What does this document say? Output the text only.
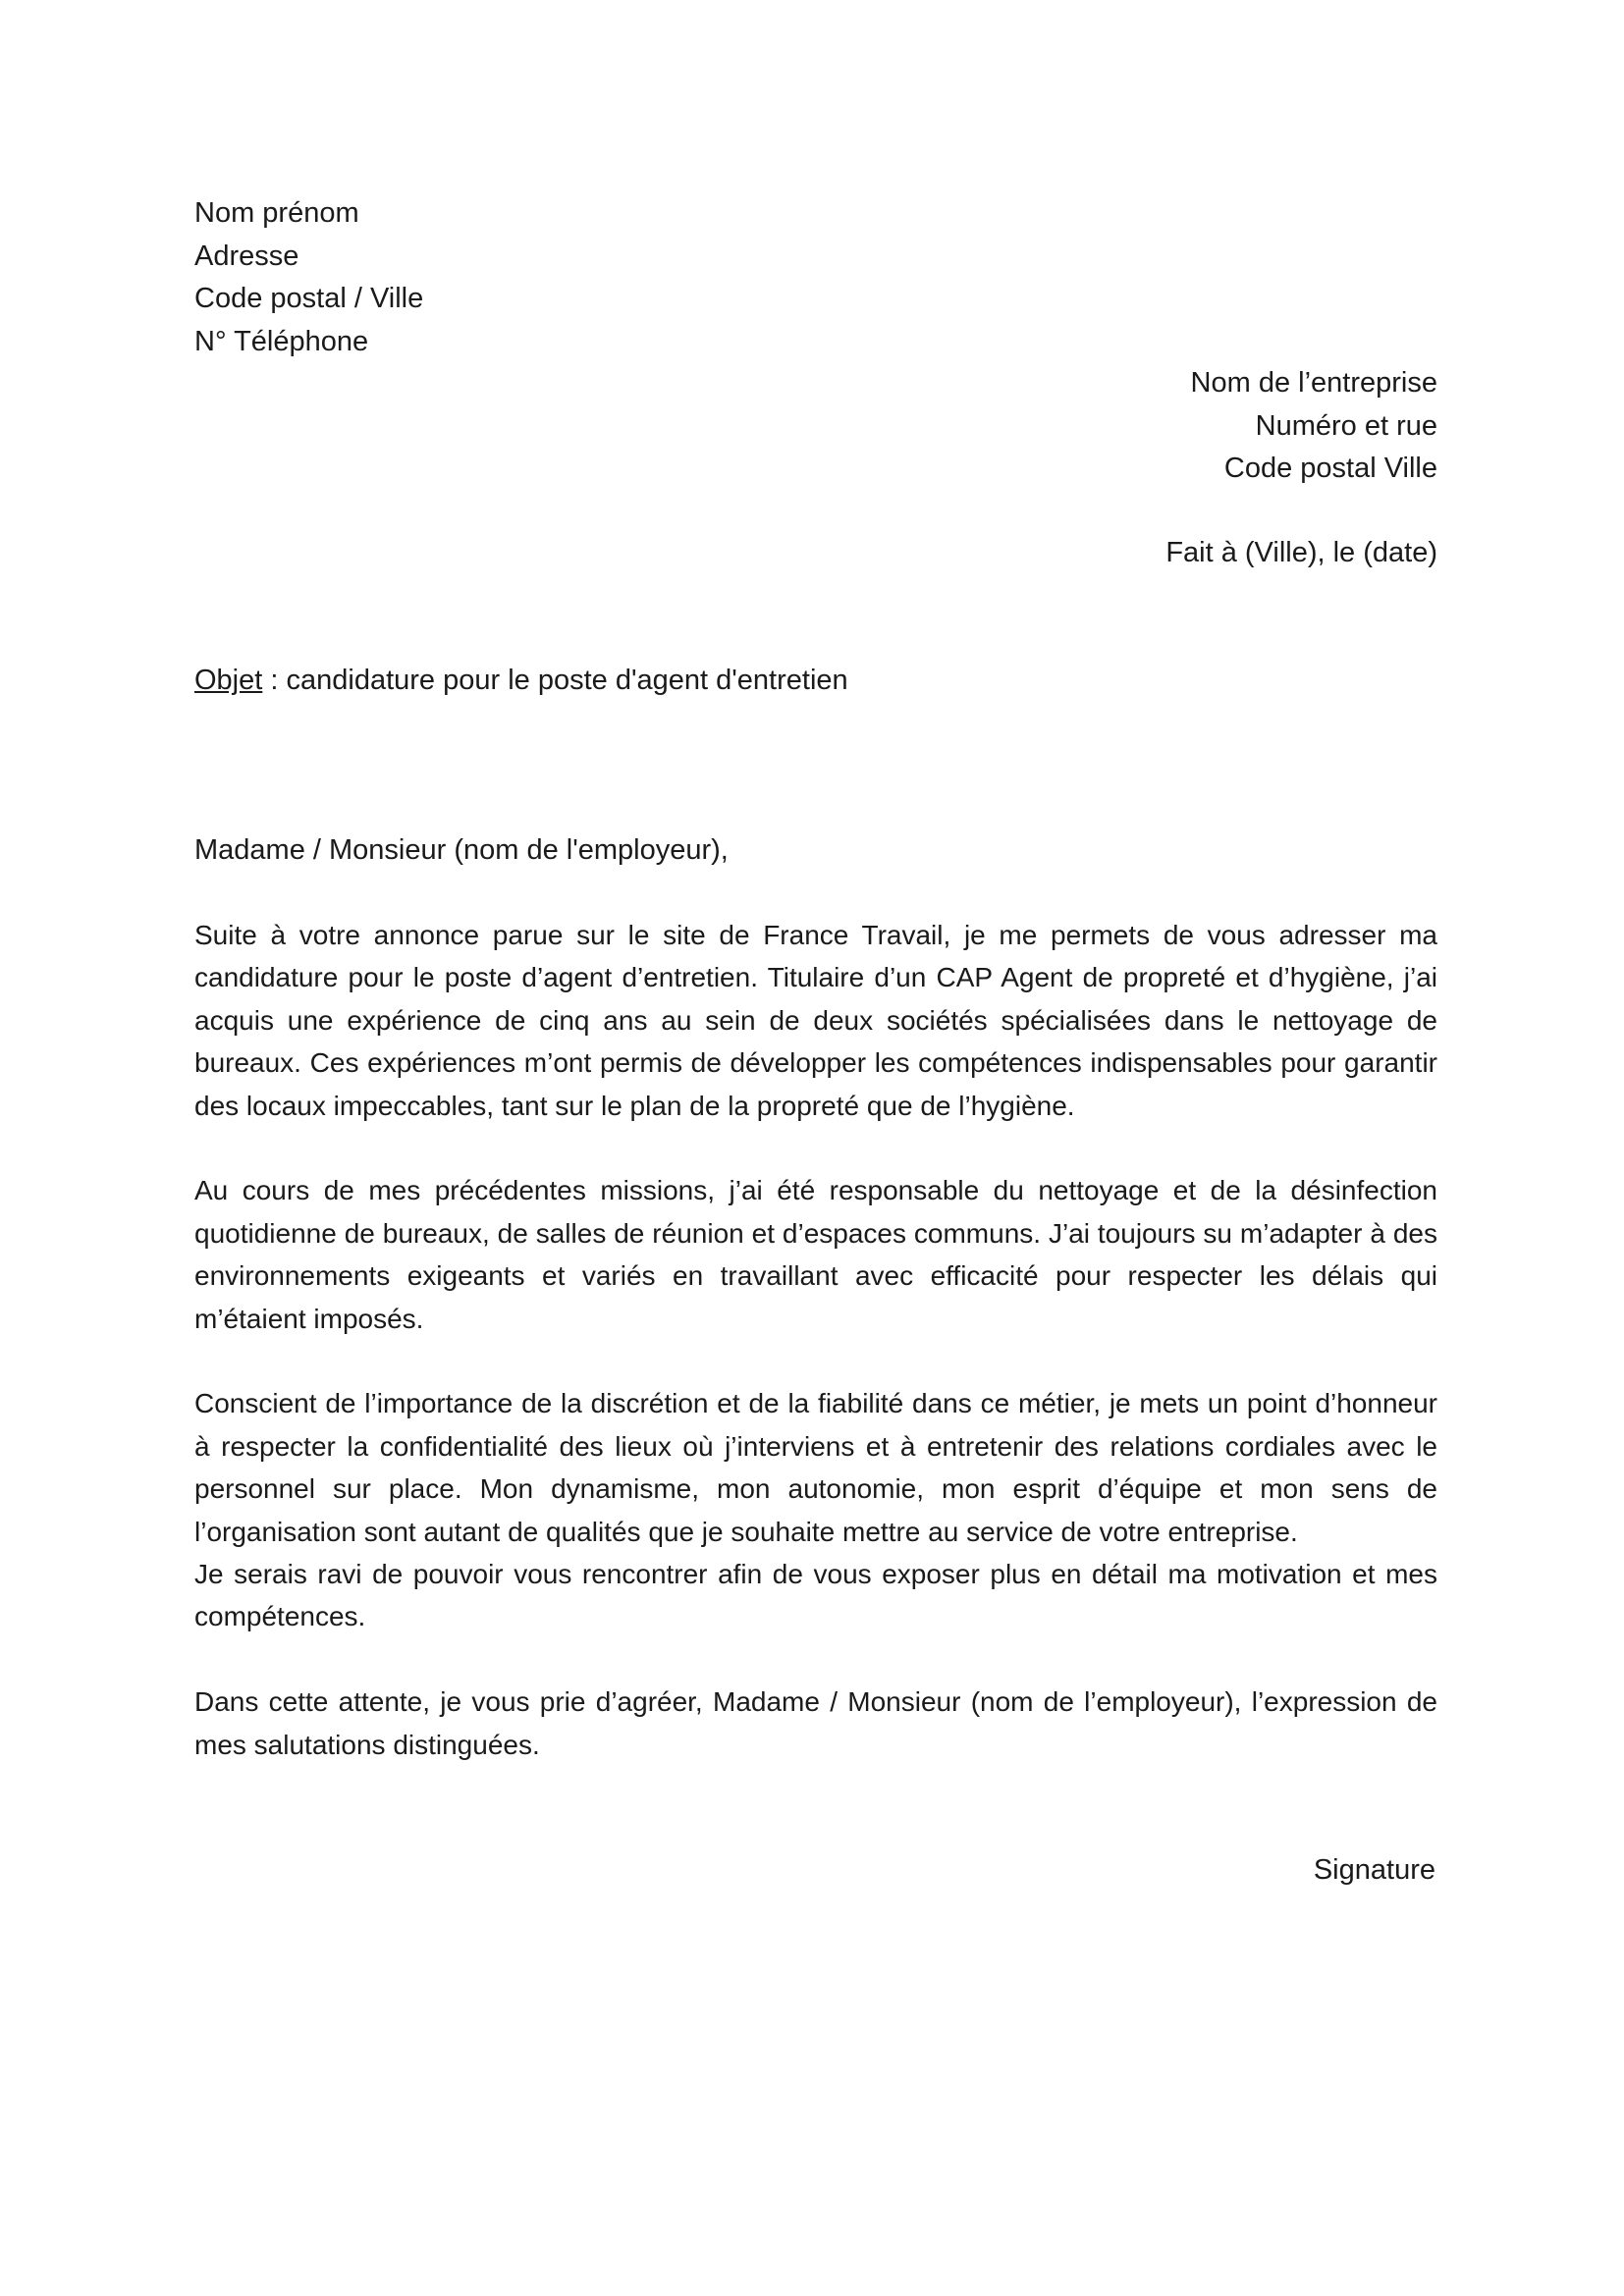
Nom prénom
Adresse
Code postal / Ville
N° Téléphone
Nom de l’entreprise
Numéro et rue
Code postal Ville
Fait à (Ville), le (date)
Objet : candidature pour le poste d'agent d'entretien
Madame / Monsieur (nom de l'employeur),

Suite à votre annonce parue sur le site de France Travail, je me permets de vous adresser ma candidature pour le poste d’agent d’entretien. Titulaire d’un CAP Agent de propreté et d’hygiène, j’ai acquis une expérience de cinq ans au sein de deux sociétés spécialisées dans le nettoyage de bureaux. Ces expériences m’ont permis de développer les compétences indispensables pour garantir des locaux impeccables, tant sur le plan de la propreté que de l’hygiène.

Au cours de mes précédentes missions, j’ai été responsable du nettoyage et de la désinfection quotidienne de bureaux, de salles de réunion et d’espaces communs. J’ai toujours su m’adapter à des environnements exigeants et variés en travaillant avec efficacité pour respecter les délais qui m’étaient imposés.

Conscient de l’importance de la discrétion et de la fiabilité dans ce métier, je mets un point d’honneur à respecter la confidentialité des lieux où j’interviens et à entretenir des relations cordiales avec le personnel sur place. Mon dynamisme, mon autonomie, mon esprit d’équipe et mon sens de l’organisation sont autant de qualités que je souhaite mettre au service de votre entreprise.

Je serais ravi de pouvoir vous rencontrer afin de vous exposer plus en détail ma motivation et mes compétences.

Dans cette attente, je vous prie d’agréer, Madame / Monsieur (nom de l’employeur), l’expression de mes salutations distinguées.

Signature
